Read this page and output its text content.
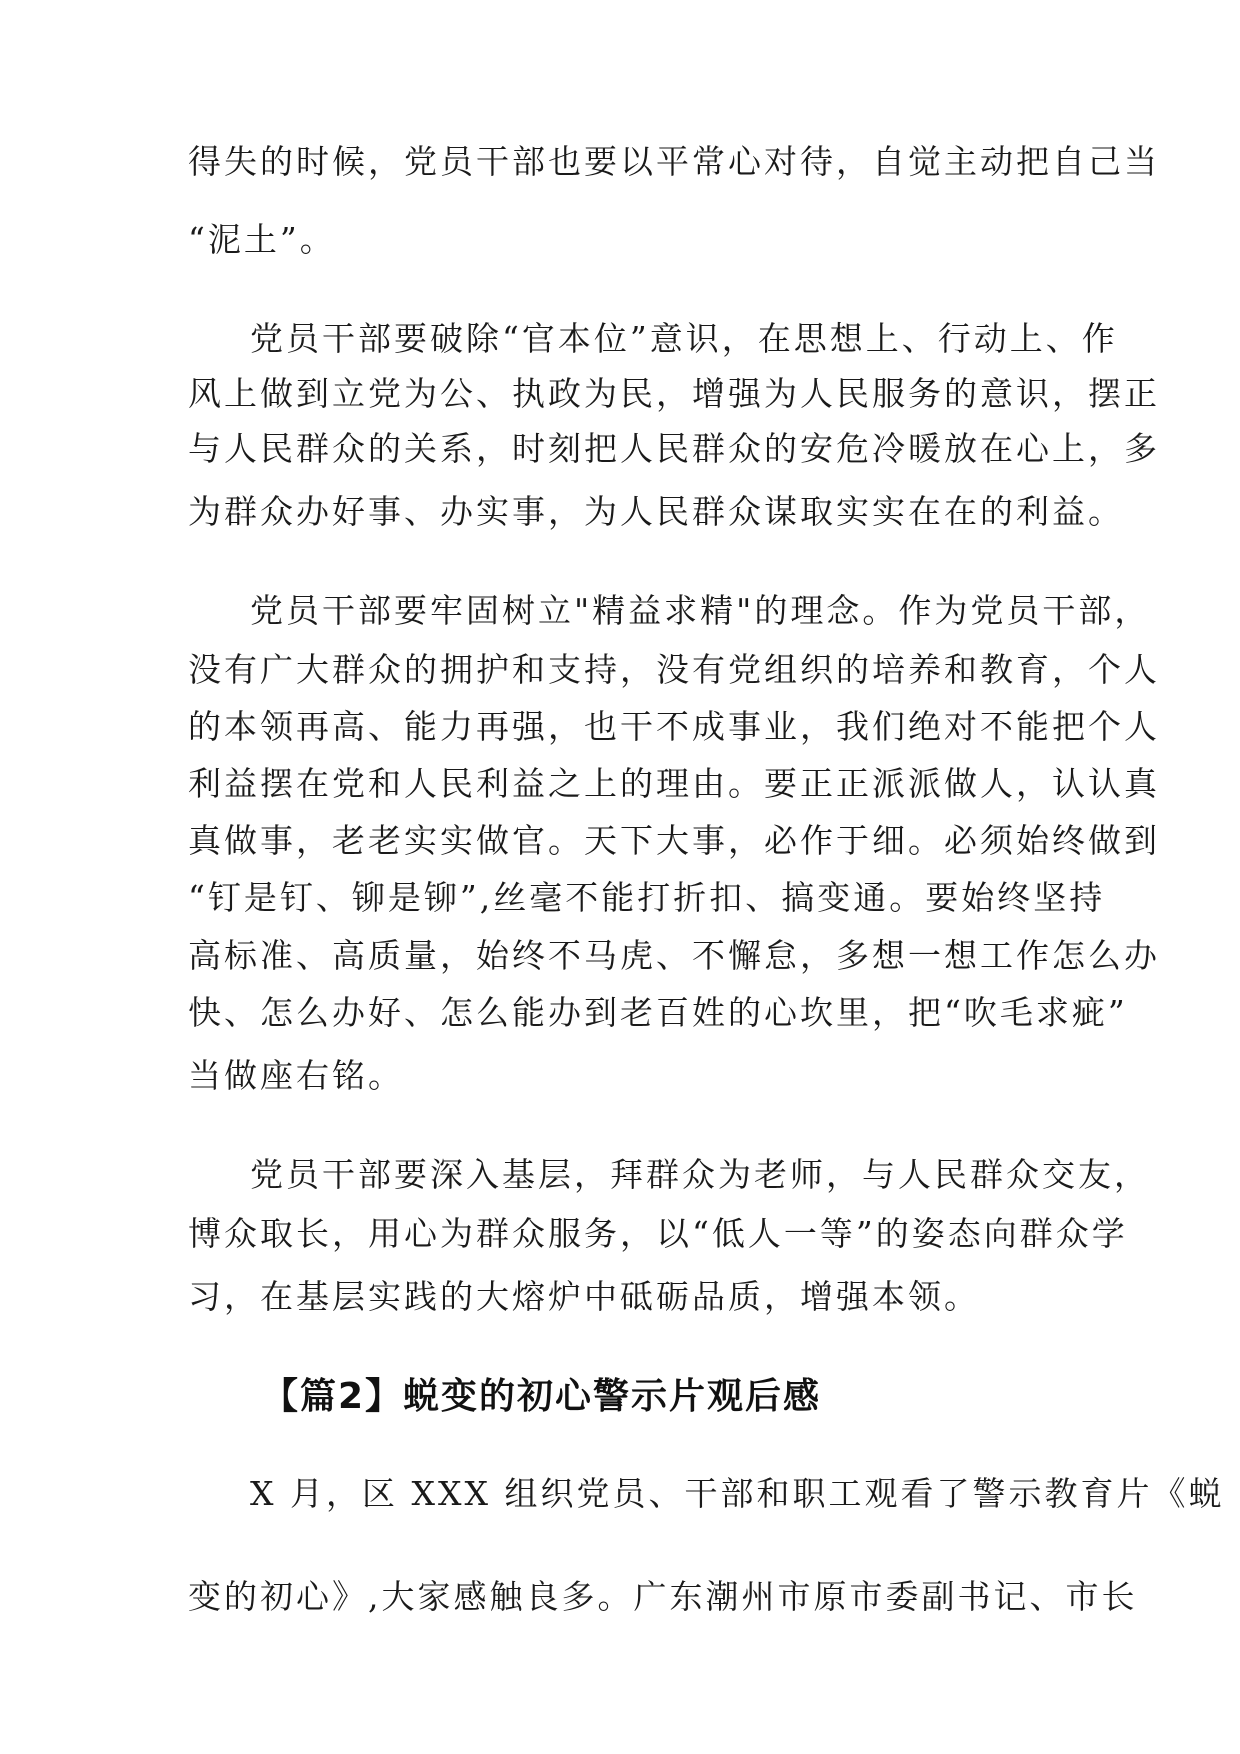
得失的时候，党员干部也要以平常心对待，自觉主动把自己当
“泥土”。
党员干部要破除“官本位”意识，在思想上、行动上、作
风上做到立党为公、执政为民，增强为人民服务的意识，摆正
与人民群众的关系，时刻把人民群众的安危冷暖放在心上，多
为群众办好事、办实事，为人民群众谋取实实在在的利益。
党员干部要牢固树立"精益求精"的理念。作为党员干部，
没有广大群众的拥护和支持，没有党组织的培养和教育，个人
的本领再高、能力再强，也干不成事业，我们绝对不能把个人
利益摆在党和人民利益之上的理由。要正正派派做人，认认真
真做事，老老实实做官。天下大事，必作于细。必须始终做到
“钉是钉、铆是铆”,丝毫不能打折扣、搞变通。要始终坚持
高标准、高质量，始终不马虎、不懈怠，多想一想工作怎么办
快、怎么办好、怎么能办到老百姓的心坎里，把“吹毛求疵”
当做座右铭。
党员干部要深入基层，拜群众为老师，与人民群众交友，
博众取长，用心为群众服务，以“低人一等”的姿态向群众学
习，在基层实践的大熔炉中砥砺品质，增强本领。
【篇2】蜕变的初心警示片观后感
X 月，区 XXX 组织党员、干部和职工观看了警示教育片《蜕
变的初心》,大家感触良多。广东潮州市原市委副书记、市长
